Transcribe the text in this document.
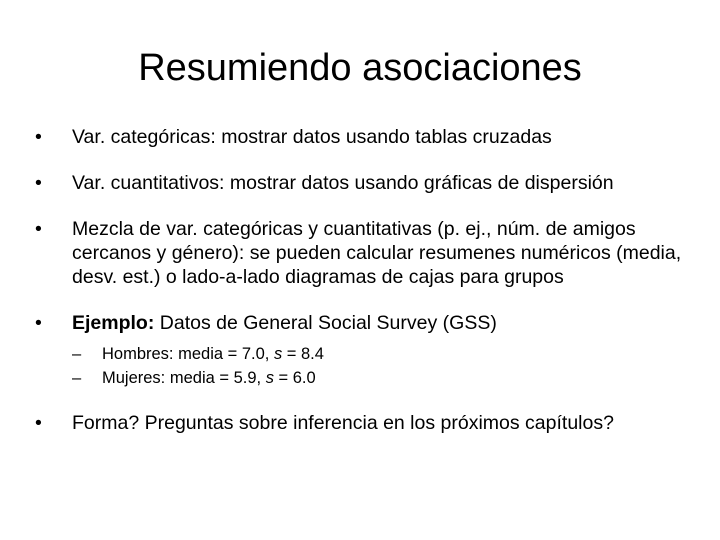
Resumiendo asociaciones
•	Var. categóricas: mostrar datos usando tablas cruzadas
•	Var. cuantitativos: mostrar datos usando gráficas de dispersión
•	Mezcla de var. categóricas y cuantitativas (p. ej., núm. de amigos cercanos y género): se pueden calcular resumenes numéricos (media, desv. est.) o lado-a-lado diagramas de cajas para grupos
•	Ejemplo: Datos de General Social Survey (GSS)
– Hombres: media = 7.0, s = 8.4
– Mujeres: media = 5.9, s = 6.0
•	Forma? Preguntas sobre inferencia en los próximos capítulos?
